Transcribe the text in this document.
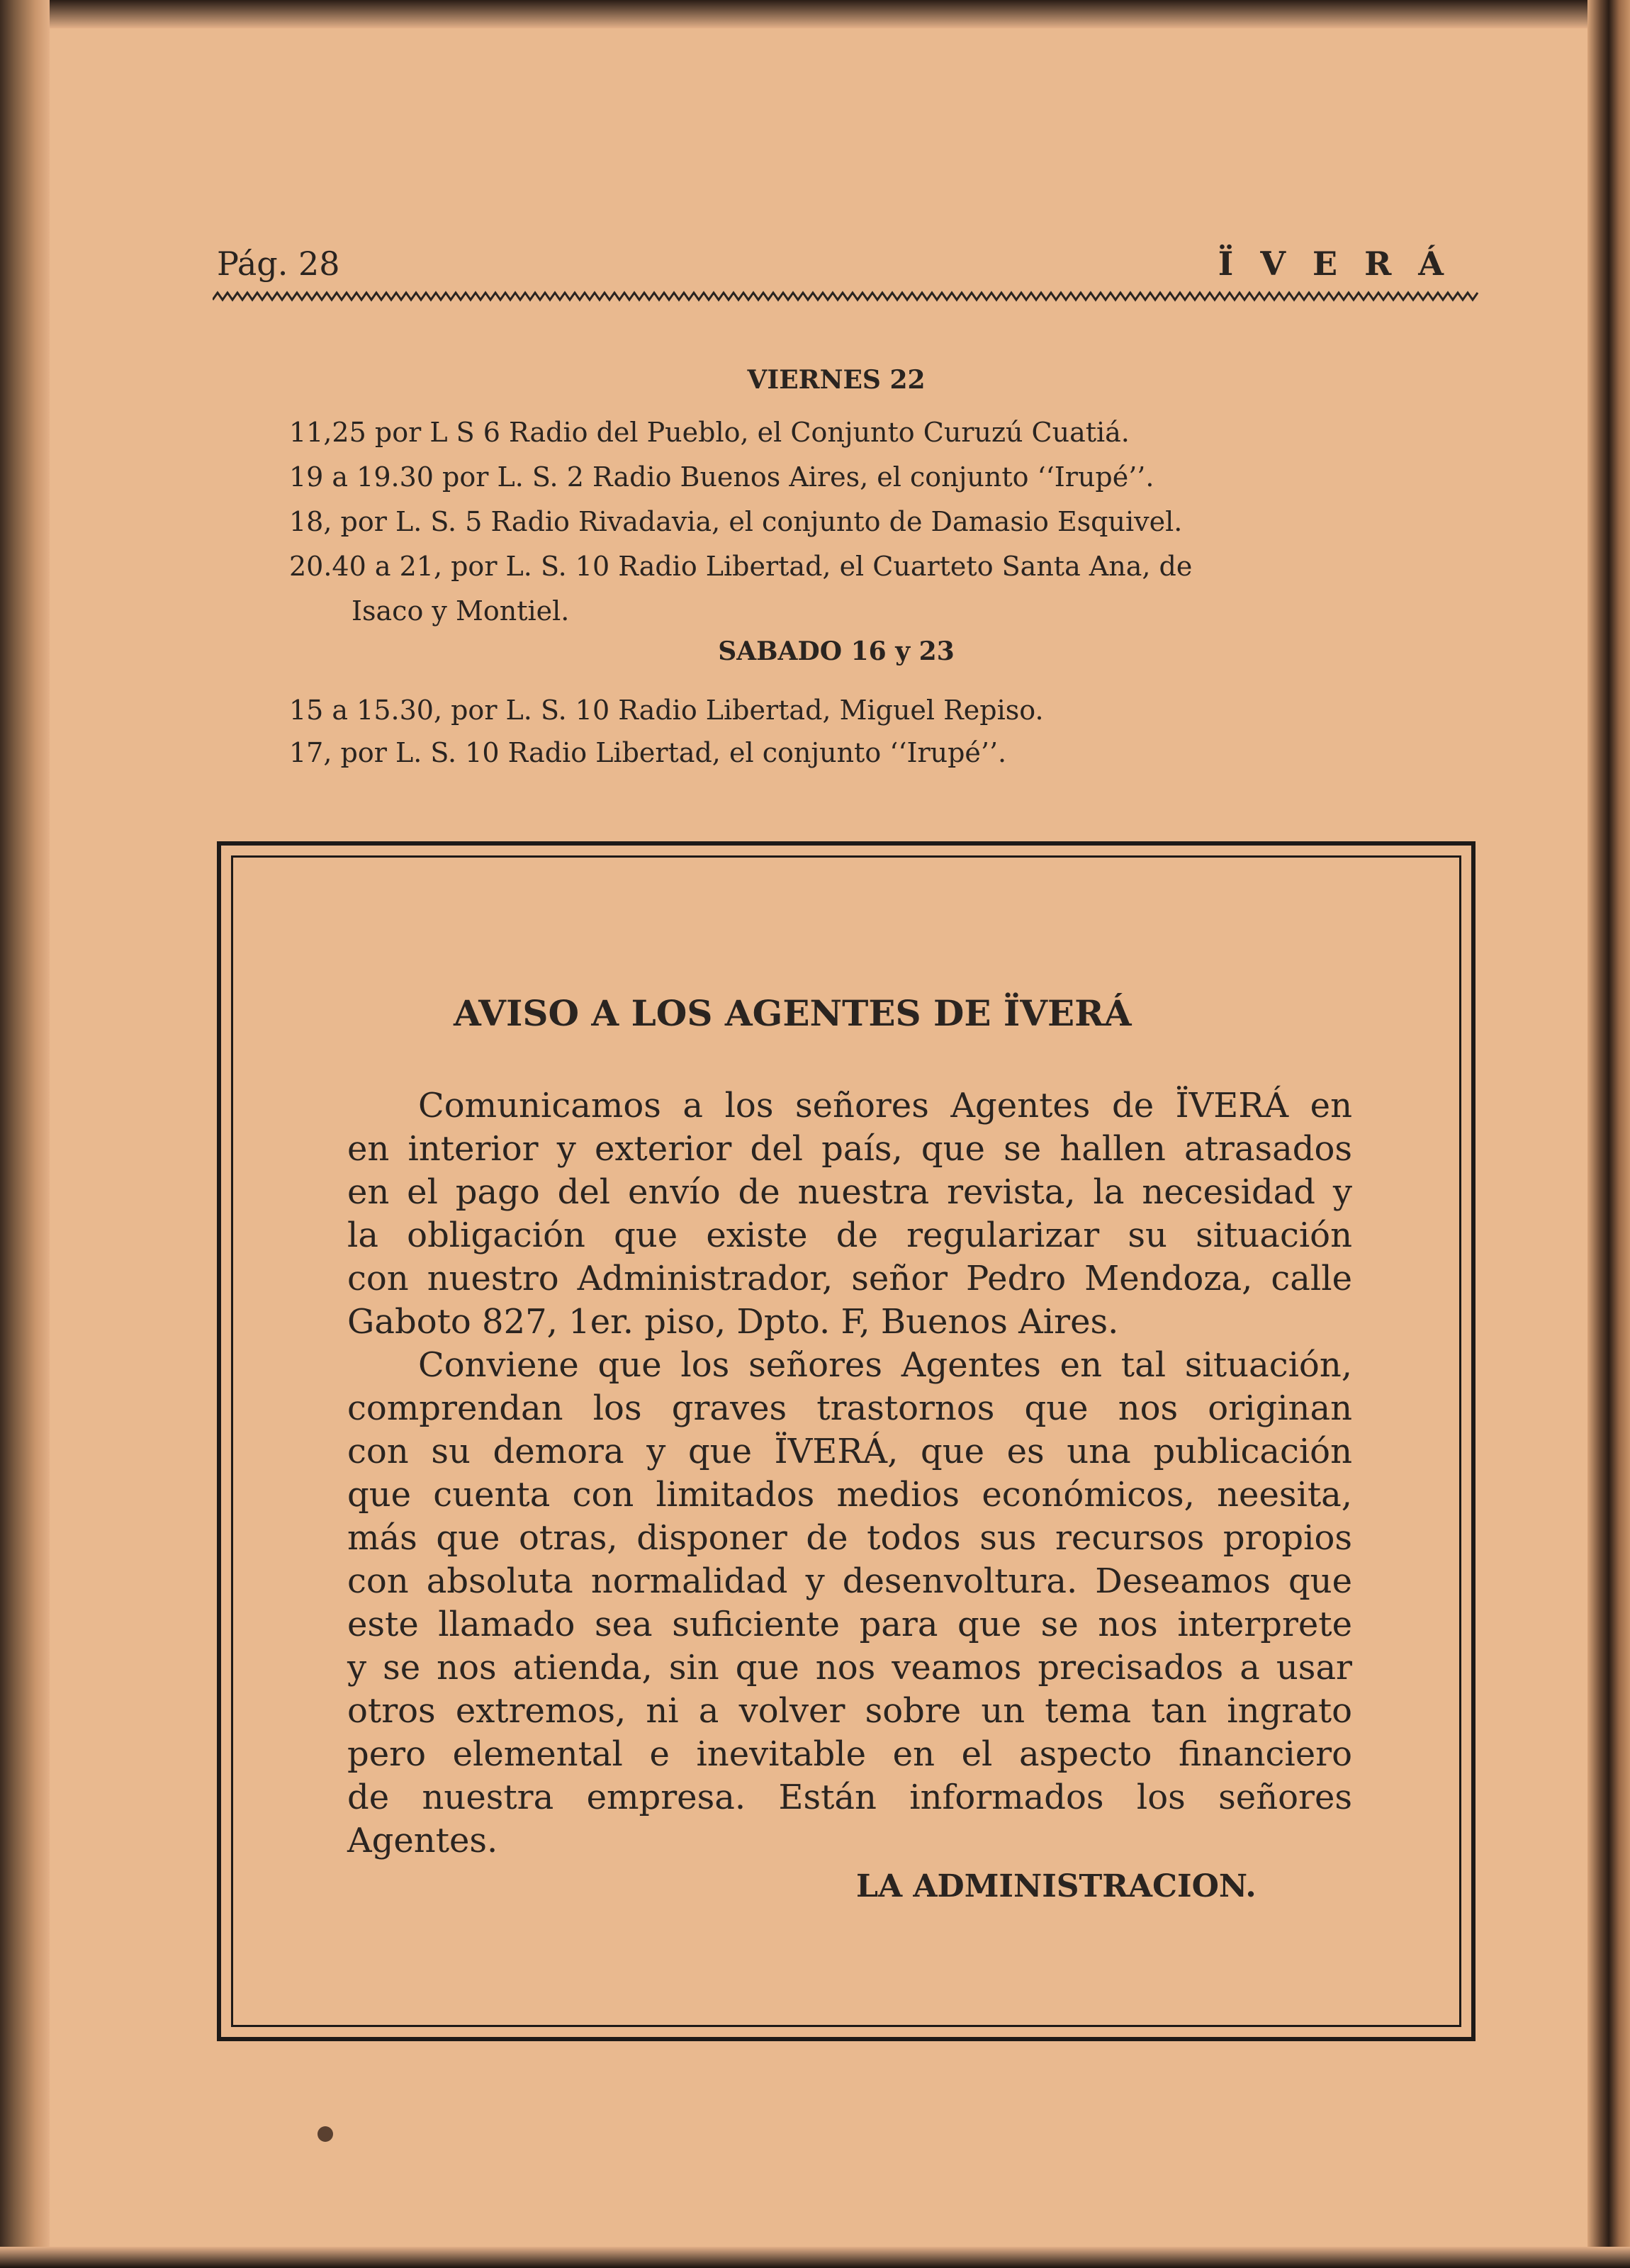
Pág. 28	ÏVERÁ
VIERNES 22
11,25 por L S 6 Radio del Pueblo, el Conjunto Curuzú Cuatiá.
19 a 19.30 por L. S. 2 Radio Buenos Aires, el conjunto ‘‘Irupé’’.
18, por L. S. 5 Radio Rivadavia, el conjunto de Damasio Esquivel.
20.40 a 21, por L. S. 10 Radio Libertad, el Cuarteto Santa Ana, de
Isaco y Montiel.
SABADO 16 y 23
15 a 15.30, por L. S. 10 Radio Libertad, Miguel Repiso.
17, por L. S. 10 Radio Libertad, el conjunto ‘‘Irupé’’.
AVISO A LOS AGENTES DE ÏVERÁ
Comunicamos a los señores Agentes de ÏVERÁ en
en interior y exterior del país, que se hallen atrasados
en el pago del envío de nuestra revista, la necesidad y
la obligación que existe de regularizar su situación
con nuestro Administrador, señor Pedro Mendoza, calle
Gaboto 827, 1er. piso, Dpto. F, Buenos Aires.
Conviene que los señores Agentes en tal situación,
comprendan los graves trastornos que nos originan
con su demora y que ÏVERÁ, que es una publicación
que cuenta con limitados medios económicos, neesita,
más que otras, disponer de todos sus recursos propios
con absoluta normalidad y desenvoltura. Deseamos que
este llamado sea suficiente para que se nos interprete
y se nos atienda, sin que nos veamos precisados a usar
otros extremos, ni a volver sobre un tema tan ingrato
pero elemental e inevitable en el aspecto financiero
de nuestra empresa. Están informados los señores
Agentes.
LA ADMINISTRACION.
